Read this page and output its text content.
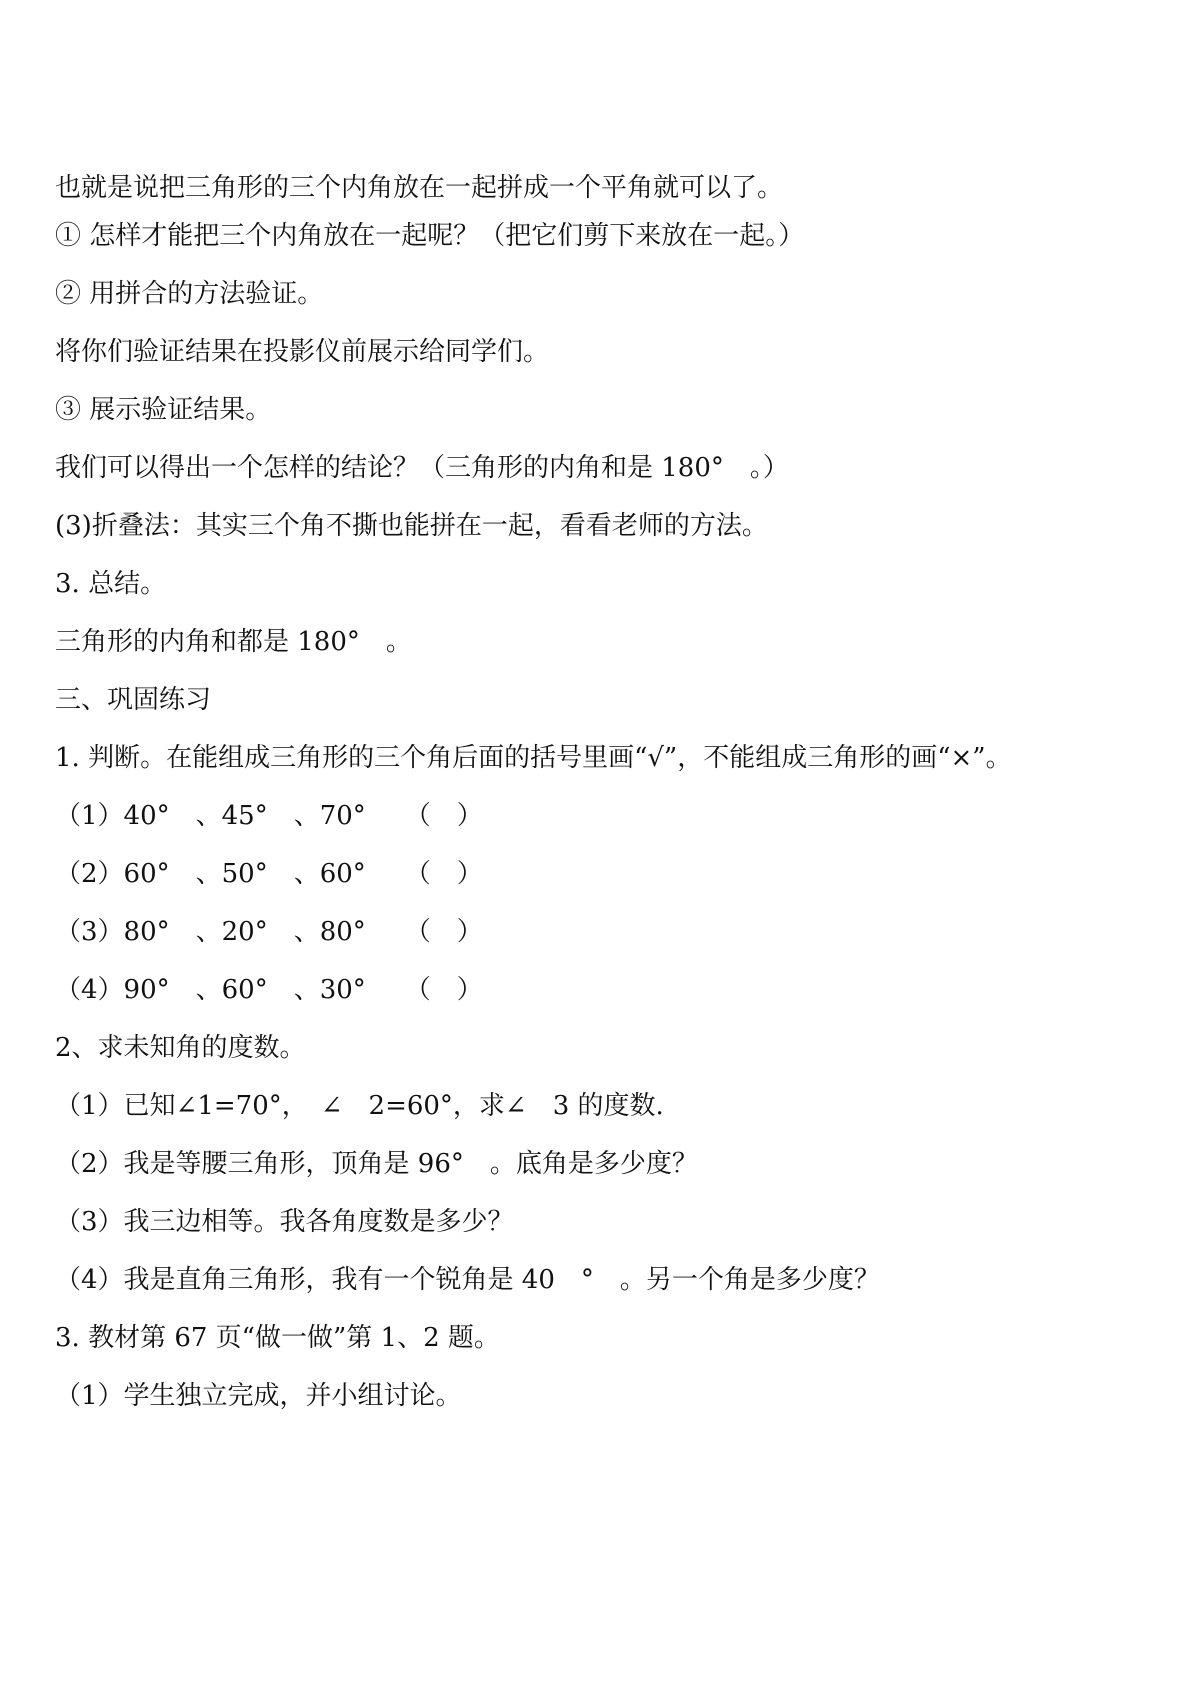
也就是说把三角形的三个内角放在一起拼成一个平角就可以了。
① 怎样才能把三个内角放在一起呢？（把它们剪下来放在一起。）
② 用拼合的方法验证。
将你们验证结果在投影仪前展示给同学们。
③ 展示验证结果。
我们可以得出一个怎样的结论？（三角形的内角和是 180°　。）
(3)折叠法：其实三个角不撕也能拼在一起，看看老师的方法。
3. 总结。
三角形的内角和都是 180°　。
三、巩固练习
1. 判断。在能组成三角形的三个角后面的括号里画“√”，不能组成三角形的画“×”。
（1）40°　、45°　、70°　　（　）
（2）60°　、50°　、60°　　（　）
（3）80°　、20°　、80°　　（　）
（4）90°　、60°　、30°　　（　）
2、求未知角的度数。
（1）已知∠1=70°，　∠　2=60°，求∠　3 的度数.
（2）我是等腰三角形，顶角是 96°　。底角是多少度？
（3）我三边相等。我各角度数是多少？
（4）我是直角三角形，我有一个锐角是 40　°　。另一个角是多少度？
3. 教材第 67 页“做一做”第 1、2 题。
（1）学生独立完成，并小组讨论。
